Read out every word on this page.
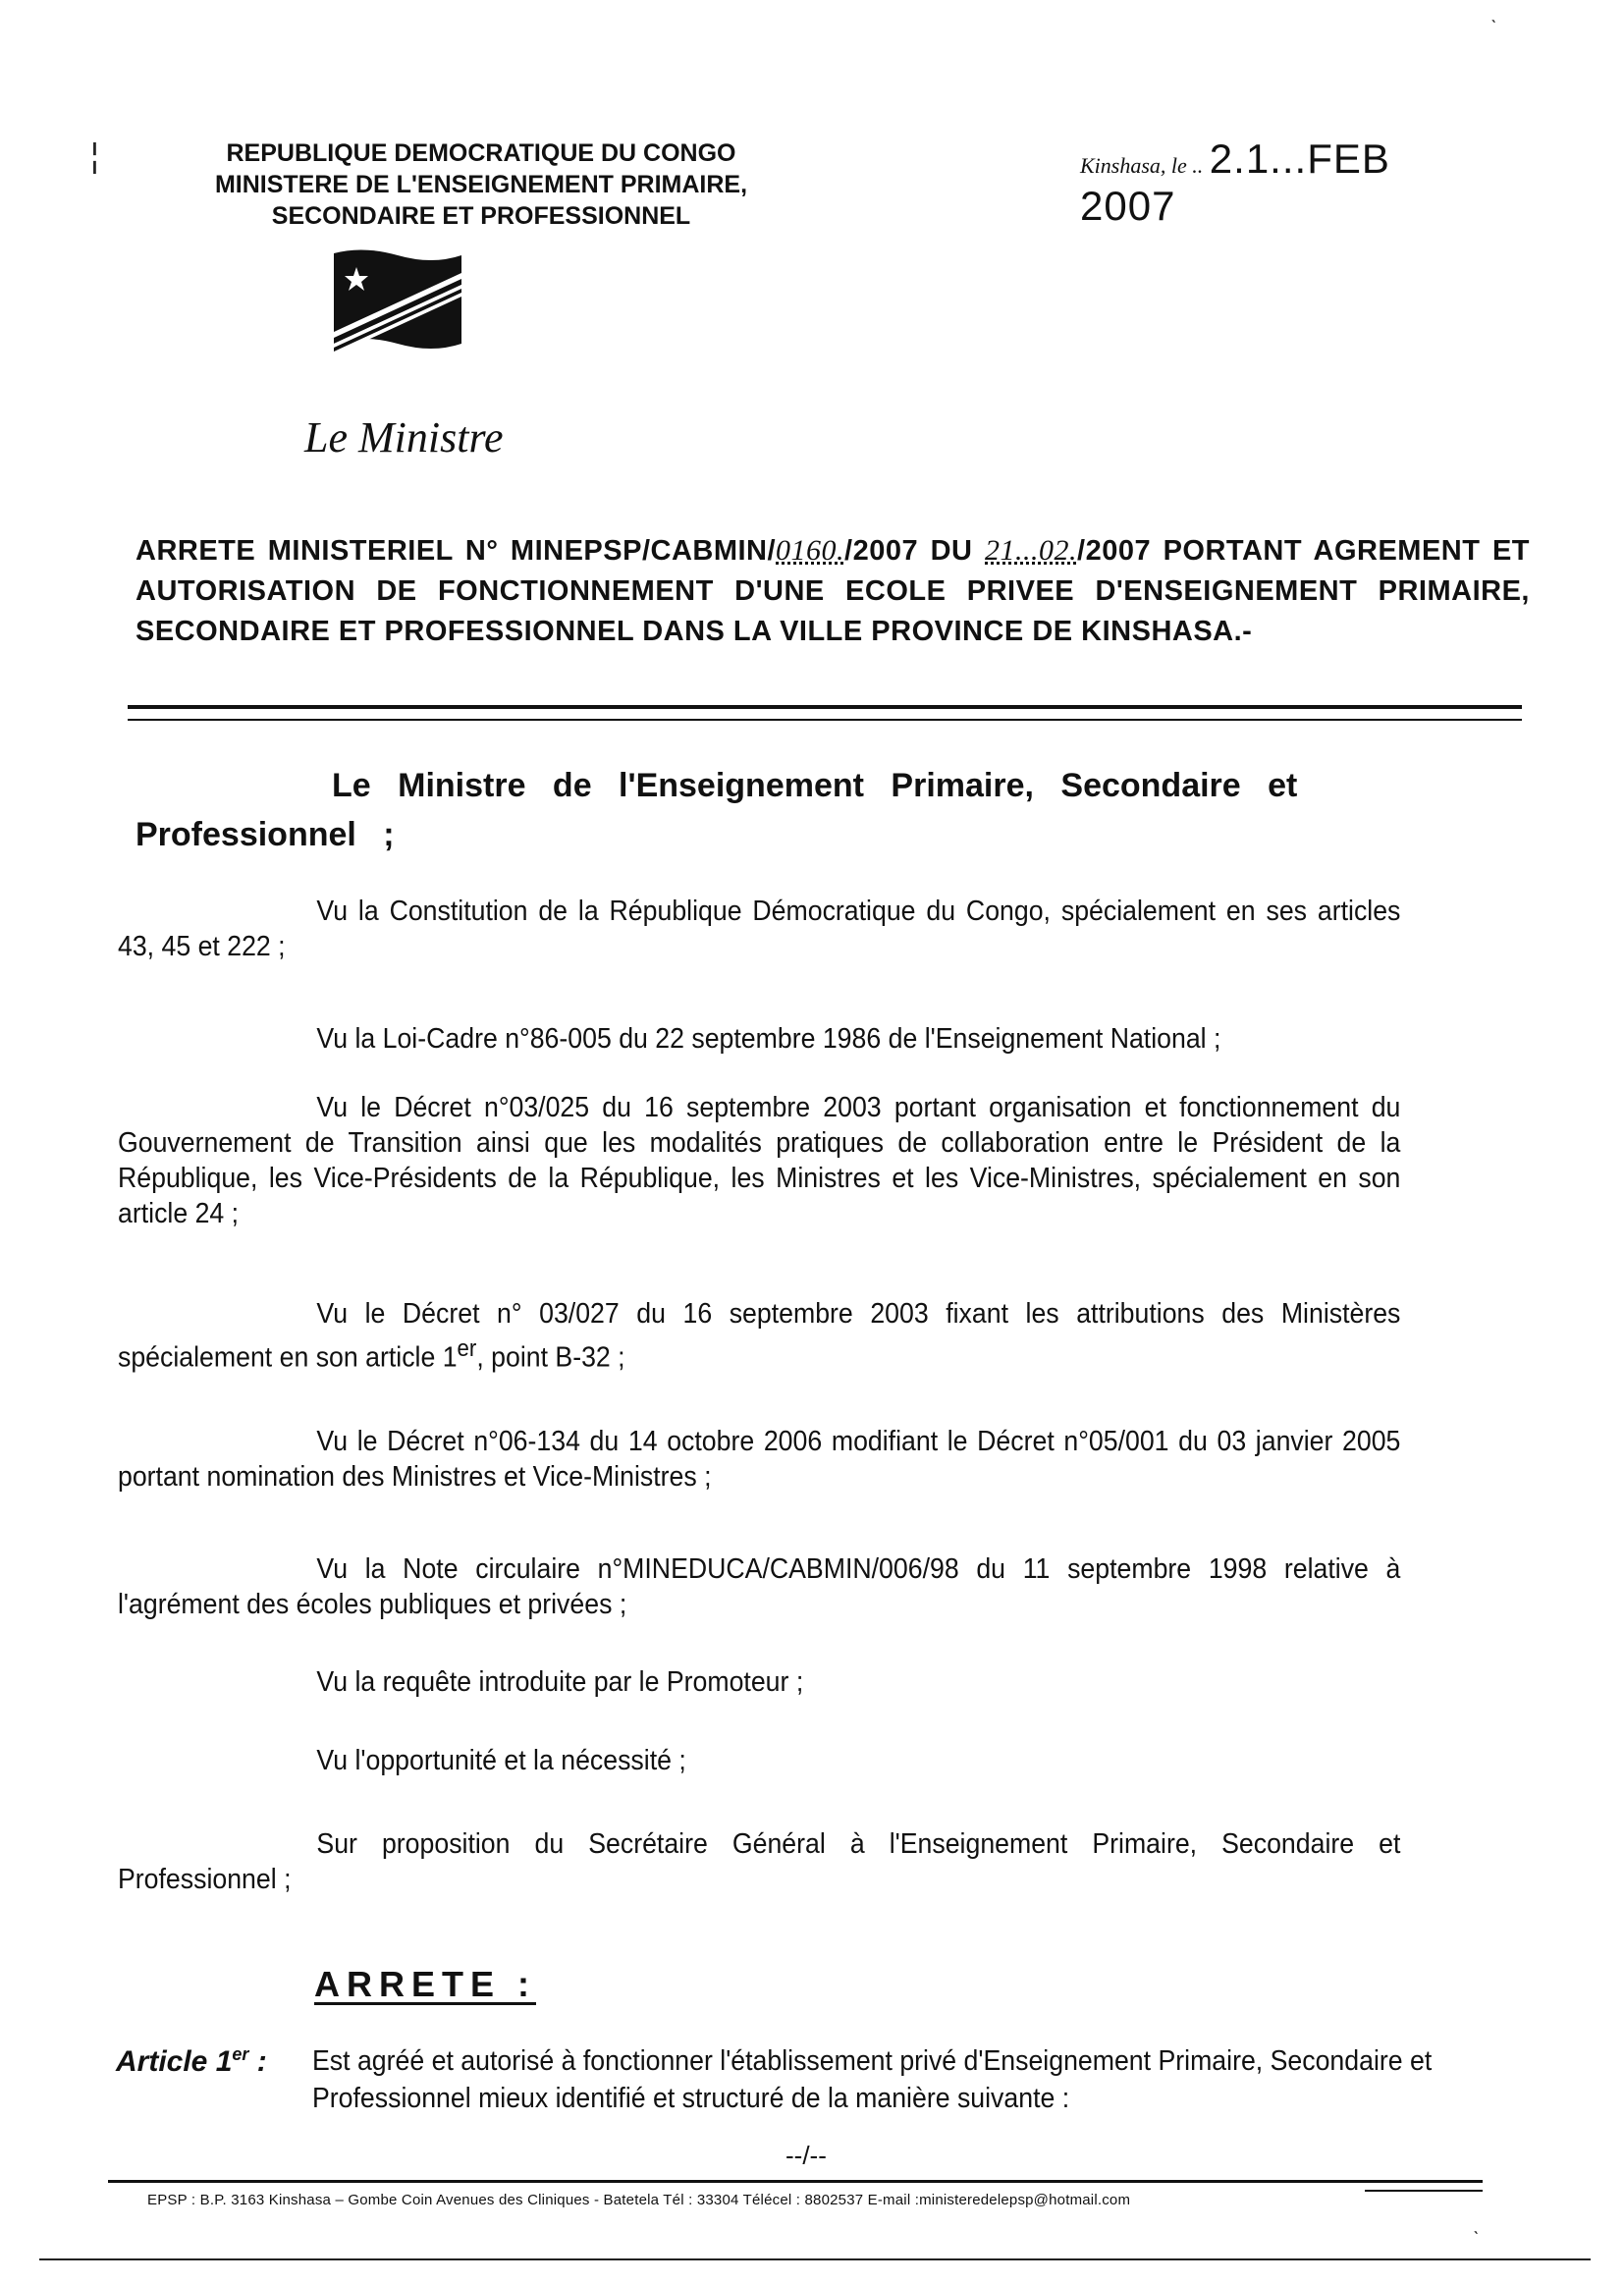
REPUBLIQUE DEMOCRATIQUE DU CONGO
MINISTERE DE L'ENSEIGNEMENT PRIMAIRE,
SECONDAIRE ET PROFESSIONNEL
Kinshasa, le .. 2.1...FEB 2007
Le Ministre
ARRETE MINISTERIEL N° MINEPSP/CABMIN/0160./2007 DU 21...02./2007 PORTANT AGREMENT ET AUTORISATION DE FONCTIONNEMENT D'UNE ECOLE PRIVEE D'ENSEIGNEMENT PRIMAIRE, SECONDAIRE ET PROFESSIONNEL DANS LA VILLE PROVINCE DE KINSHASA.-
Le Ministre de l'Enseignement Primaire, Secondaire et
Professionnel ;
Vu la Constitution de la République Démocratique du Congo, spécialement en ses articles 43, 45 et 222 ;
Vu la Loi-Cadre n°86-005 du 22 septembre 1986 de l'Enseignement National ;
Vu le Décret n°03/025 du 16 septembre 2003 portant organisation et fonctionnement du Gouvernement de Transition ainsi que les modalités pratiques de collaboration entre le Président de la République, les Vice-Présidents de la République, les Ministres et les Vice-Ministres, spécialement en son article 24 ;
Vu le Décret n° 03/027 du 16 septembre 2003 fixant les attributions des Ministères spécialement en son article 1er, point B-32 ;
Vu le Décret n°06-134 du 14 octobre 2006 modifiant le Décret n°05/001 du 03 janvier 2005 portant nomination des Ministres et Vice-Ministres ;
Vu la Note circulaire n°MINEDUCA/CABMIN/006/98 du 11 septembre 1998 relative à l'agrément des écoles publiques et privées ;
Vu la requête introduite par le Promoteur ;
Vu l'opportunité et la nécessité ;
Sur proposition du Secrétaire Général à l'Enseignement Primaire, Secondaire et Professionnel ;
ARRETE :
Article 1er : Est agréé et autorisé à fonctionner l'établissement privé d'Enseignement Primaire, Secondaire et Professionnel mieux identifié et structuré de la manière suivante :
--/--
EPSP : B.P. 3163 Kinshasa – Gombe Coin Avenues des Cliniques - Batetela Tél : 33304 Télécel : 8802537 E-mail :ministeredelepsp@hotmail.com
ˋ
¦
ˋ
